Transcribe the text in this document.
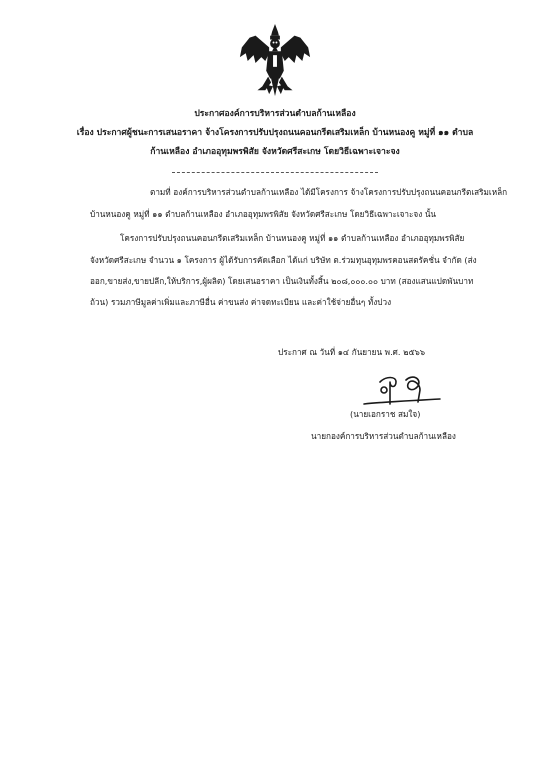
ประกาศองค์การบริหารส่วนตำบลก้านเหลือง
เรื่อง ประกาศผู้ชนะการเสนอราคา จ้างโครงการปรับปรุงถนนคอนกรีตเสริมเหล็ก บ้านหนองคู หมู่ที่ ๑๑ ตำบล
ก้านเหลือง อำเภออุทุมพรพิสัย จังหวัดศรีสะเกษ โดยวิธีเฉพาะเจาะจง
ตามที่ องค์การบริหารส่วนตำบลก้านเหลือง ได้มีโครงการ จ้างโครงการปรับปรุงถนนคอนกรีตเสริมเหล็ก
บ้านหนองคู หมู่ที่ ๑๑ ตำบลก้านเหลือง อำเภออุทุมพรพิสัย จังหวัดศรีสะเกษ โดยวิธีเฉพาะเจาะจง นั้น
โครงการปรับปรุงถนนคอนกรีตเสริมเหล็ก บ้านหนองคู หมู่ที่ ๑๑ ตำบลก้านเหลือง อำเภออุทุมพรพิสัย
จังหวัดศรีสะเกษ จำนวน ๑ โครงการ ผู้ได้รับการคัดเลือก ได้แก่ บริษัท ต.ร่วมทุนอุทุมพรคอนสตรัคชั่น จำกัด (ส่ง
ออก,ขายส่ง,ขายปลีก,ให้บริการ,ผู้ผลิต) โดยเสนอราคา เป็นเงินทั้งสิ้น ๒๐๘,๐๐๐.๐๐ บาท (สองแสนแปดพันบาท
ถ้วน) รวมภาษีมูลค่าเพิ่มและภาษีอื่น ค่าขนส่ง ค่าจดทะเบียน และค่าใช้จ่ายอื่นๆ ทั้งปวง
ประกาศ ณ วันที่ ๑๔ กันยายน พ.ศ. ๒๕๖๖
(นายเอกราช สมใจ)
นายกองค์การบริหารส่วนตำบลก้านเหลือง
